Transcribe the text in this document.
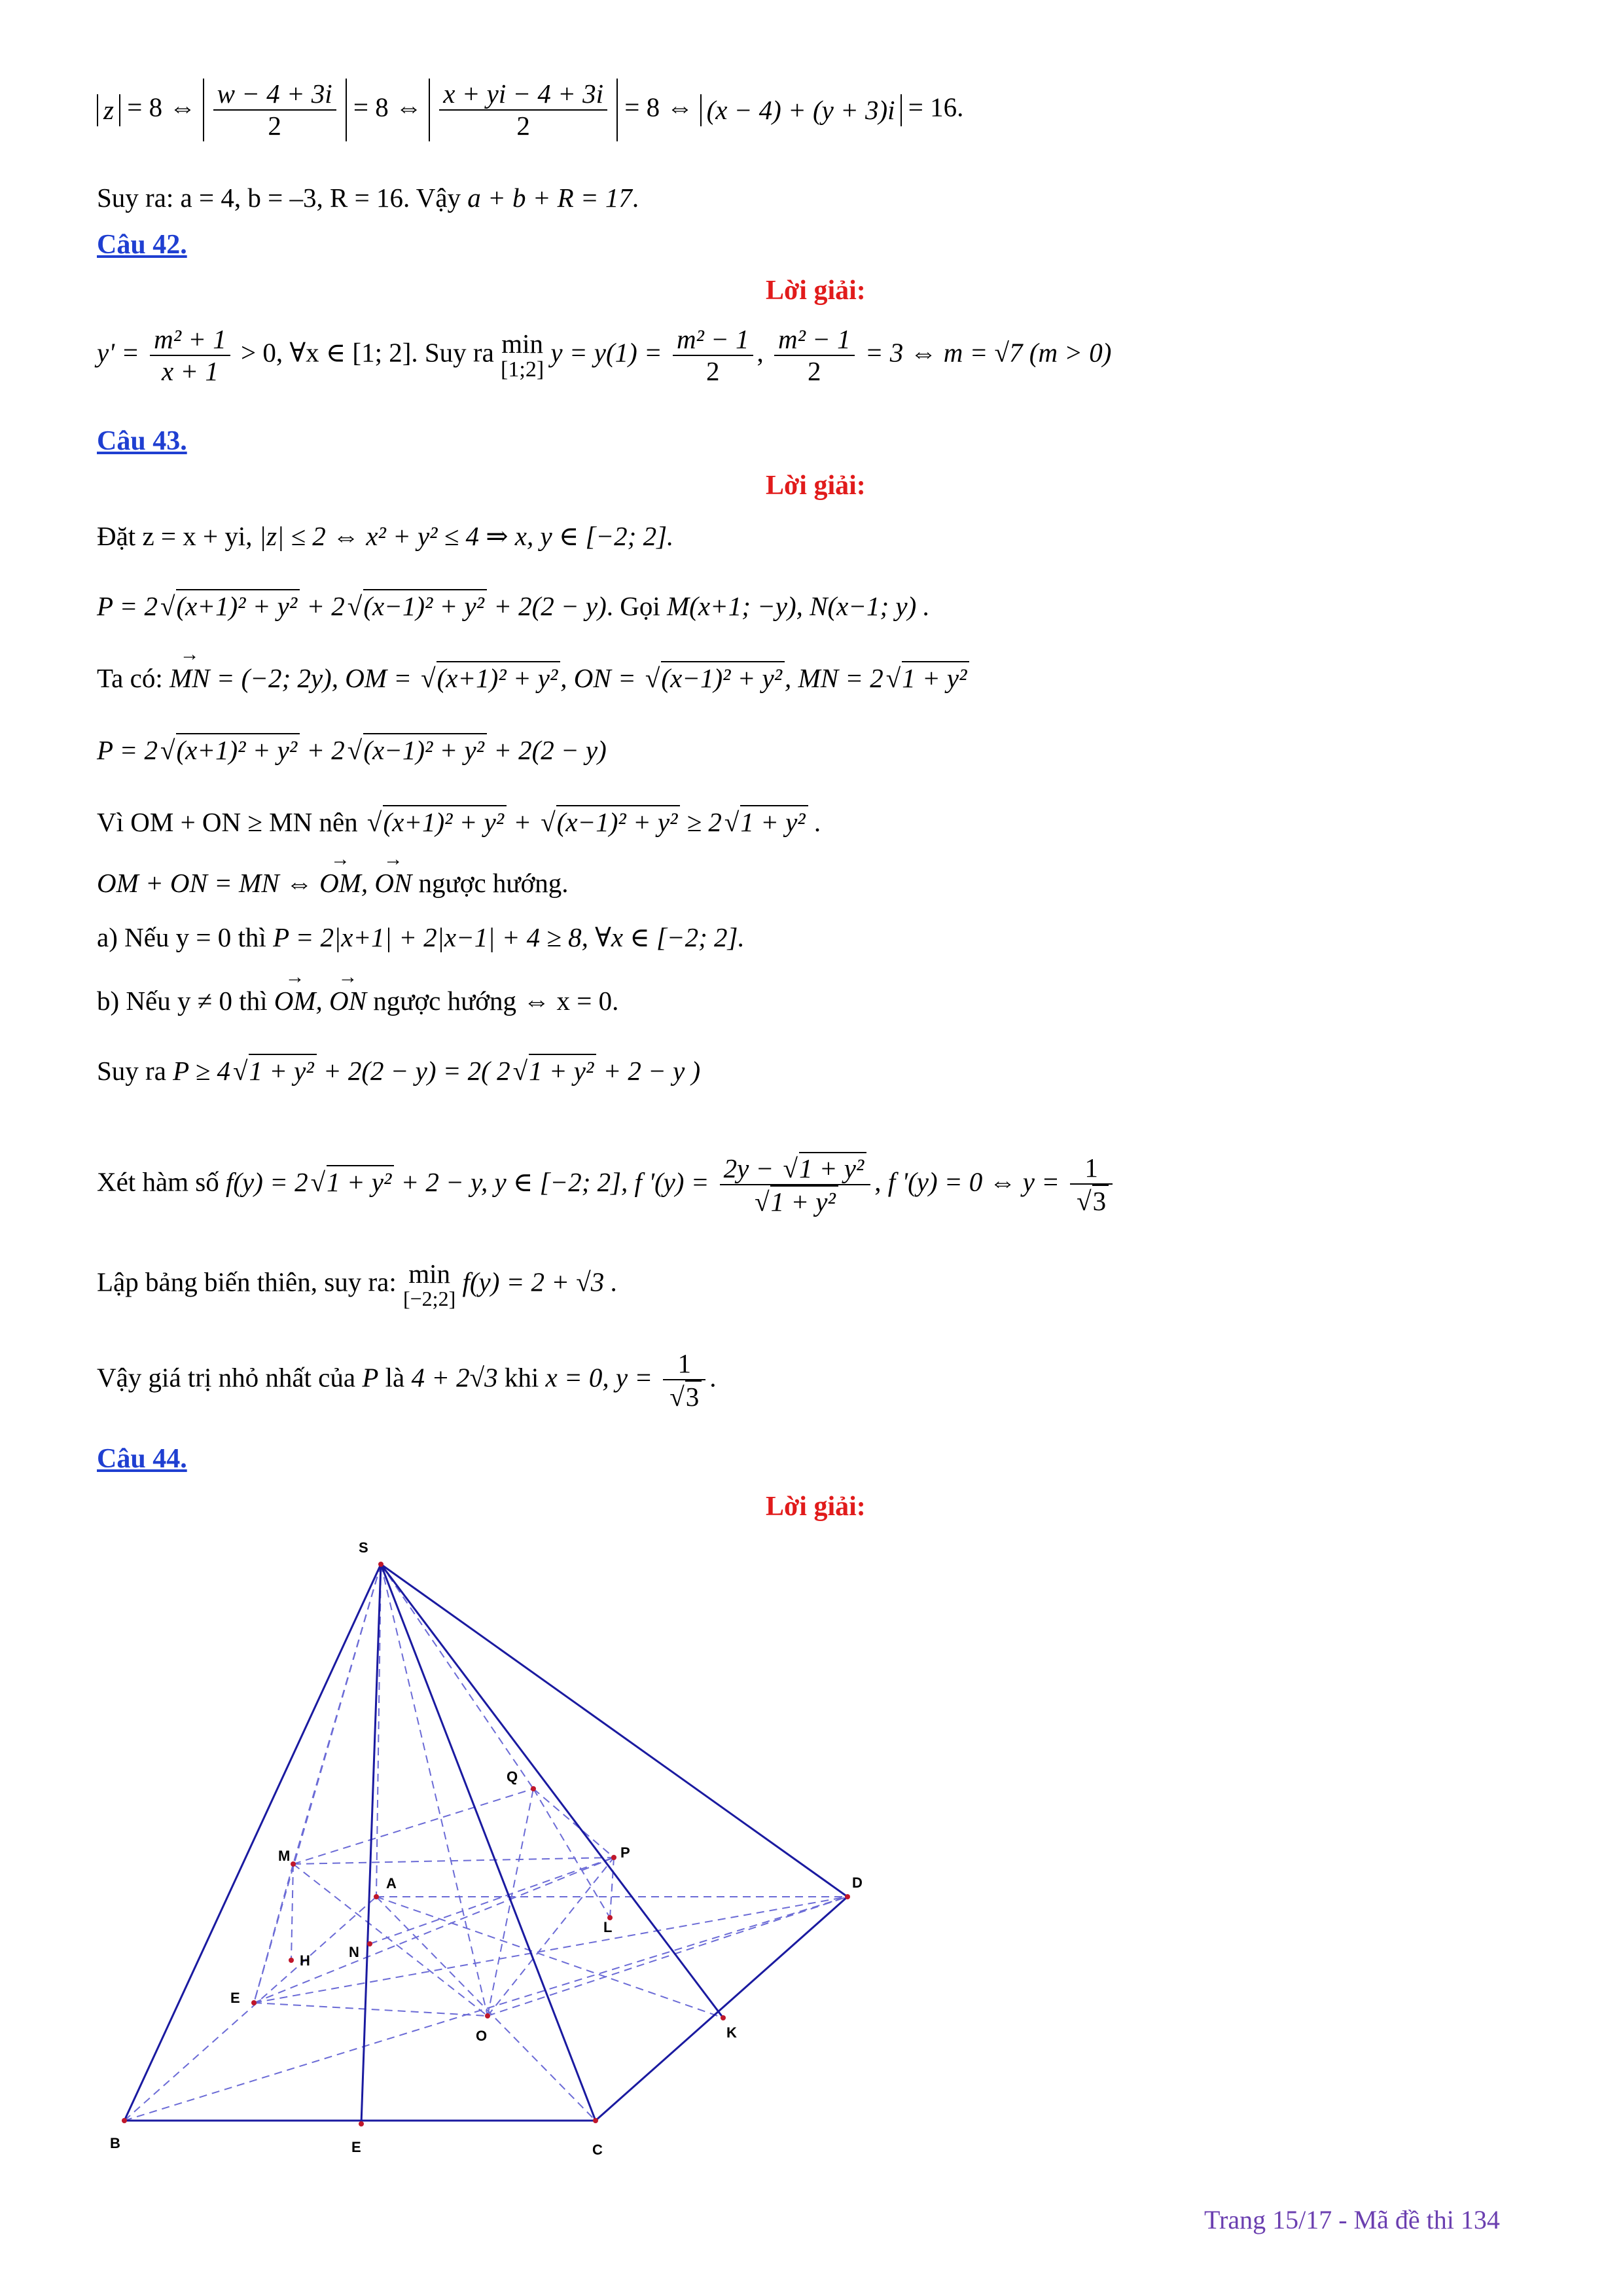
z = 8 ⇔ $\frac{w - 4 + 3i}{2} = 8$ ⇔ $\frac{x + yi - 4 + 3i}{2} = 8$ ⇔ (x − 4) + (y + 3)i = 16.
Suy ra: a = 4, b = –3, R = 16. Vậy a + b + R = 17.
Câu 42.
Lời giải:
$y' = \frac{\text{m² + 1}}{x + 1} > 0$, ∀x ∈ [1; 2]. Suy ra min
[1;2]
$y = y(1) = \frac{\text{m² − 1}}{2}$ , $\frac{\text{m² − 1}}{2} = 3$ ⇔ m = √7 (m > 0)
Câu 43.
Lời giải:
Đặt z = x + yi, |z| ≤ 2 ⇔ x² + y² ≤ 4 ⇒ x, y ∈ [−2; 2].
P = 2 √ (x+1)² + y² + 2 √ (x−1)² + y² + 2(2 − y). Gọi M(x+1; −y), N(x−1; y) .
Ta có: → MN = (−2; 2y), OM = √ (x+1)² + y², ON = √ (x−1)² + y², MN = 2 √ 1 + y²
P = 2 √ (x+1)² + y² + 2 √ (x−1)² + y² + 2(2 − y)
Vì OM + ON ≥ MN nên √ (x+1)² + y² + √ (x−1)² + y² ≥ 2 √ 1 + y² .
OM + ON = MN ⇔ → OM, → ON ngược hướng.
a) Nếu y = 0 thì P = 2|x+1| + 2|x−1| + 4 ≥ 8, ∀x ∈ [−2; 2].
b) Nếu y ≠ 0 thì → OM, → ON ngược hướng ⇔ x = 0.
Suy ra P ≥ 4 √ 1 + y² + 2(2 − y) = 2( 2 √ 1 + y² + 2 − y )
Xét hàm số f(y) = 2 √ 1 + y² + 2 − y, y ∈ [−2; 2], f '(y) = 2y − √ 1 + y²
√ 1 + y² , f '(y) = 0 ⇔ y = 1
√ 3
Lập bảng biến thiên, suy ra: min
[−2;2]
f(y) = 2 + √3 .
Vậy giá trị nhỏ nhất của P là 4 + 2√3 khi x = 0, y = 1
√ 3 .
Câu 44.
Lời giải:
S
Q
P
D
M
A
L
N
H
E
O	K
B	E	C
Trang 15/17 - Mã đề thi 134
